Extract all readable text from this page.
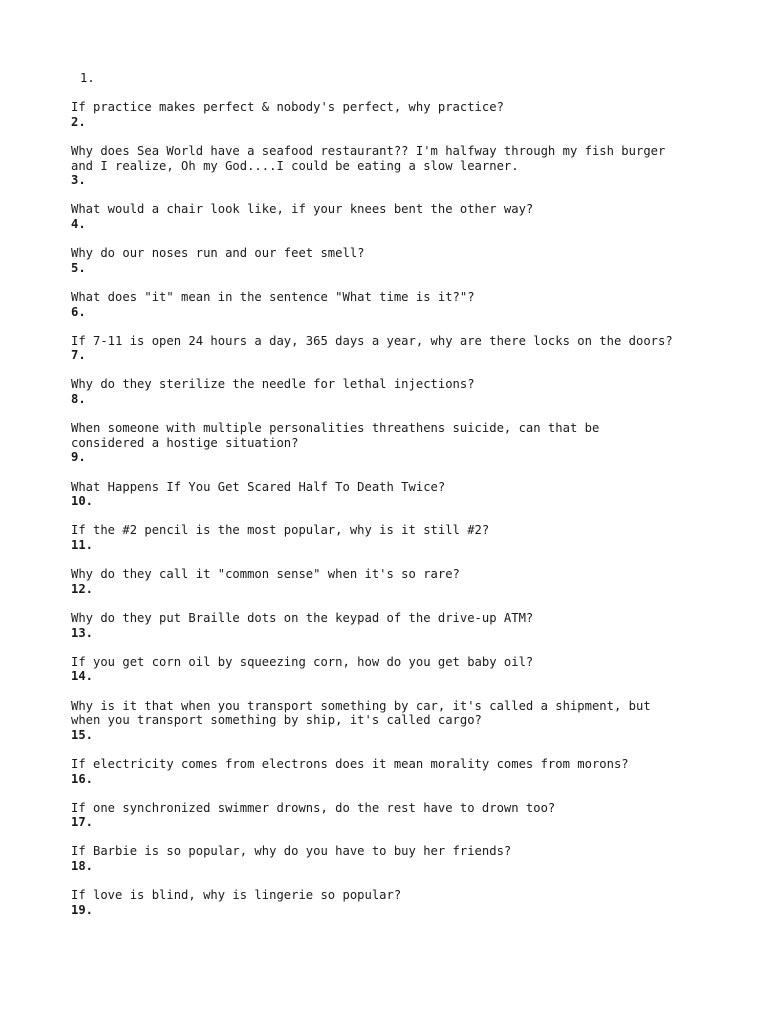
1.

If practice makes perfect & nobody's perfect, why practice?

2.

Why does Sea World have a seafood restaurant?? I'm halfway through my fish burger

and I realize, Oh my God....I could be eating a slow learner.

3.

What would a chair look like, if your knees bent the other way?

4.

Why do our noses run and our feet smell?

5.

What does "it" mean in the sentence "What time is it?"?

6.

If 7-11 is open 24 hours a day, 365 days a year, why are there locks on the doors?

7.

Why do they sterilize the needle for lethal injections?

8.

When someone with multiple personalities threathens suicide, can that be

considered a hostige situation?

9.

What Happens If You Get Scared Half To Death Twice?

10.

If the #2 pencil is the most popular, why is it still #2?

11.

Why do they call it "common sense" when it's so rare?

12.

Why do they put Braille dots on the keypad of the drive-up ATM?

13.

If you get corn oil by squeezing corn, how do you get baby oil?

14.

Why is it that when you transport something by car, it's called a shipment, but

when you transport something by ship, it's called cargo?

15.

If electricity comes from electrons does it mean morality comes from morons?

16.

If one synchronized swimmer drowns, do the rest have to drown too?

17.

If Barbie is so popular, why do you have to buy her friends?

18.

If love is blind, why is lingerie so popular?

19.
